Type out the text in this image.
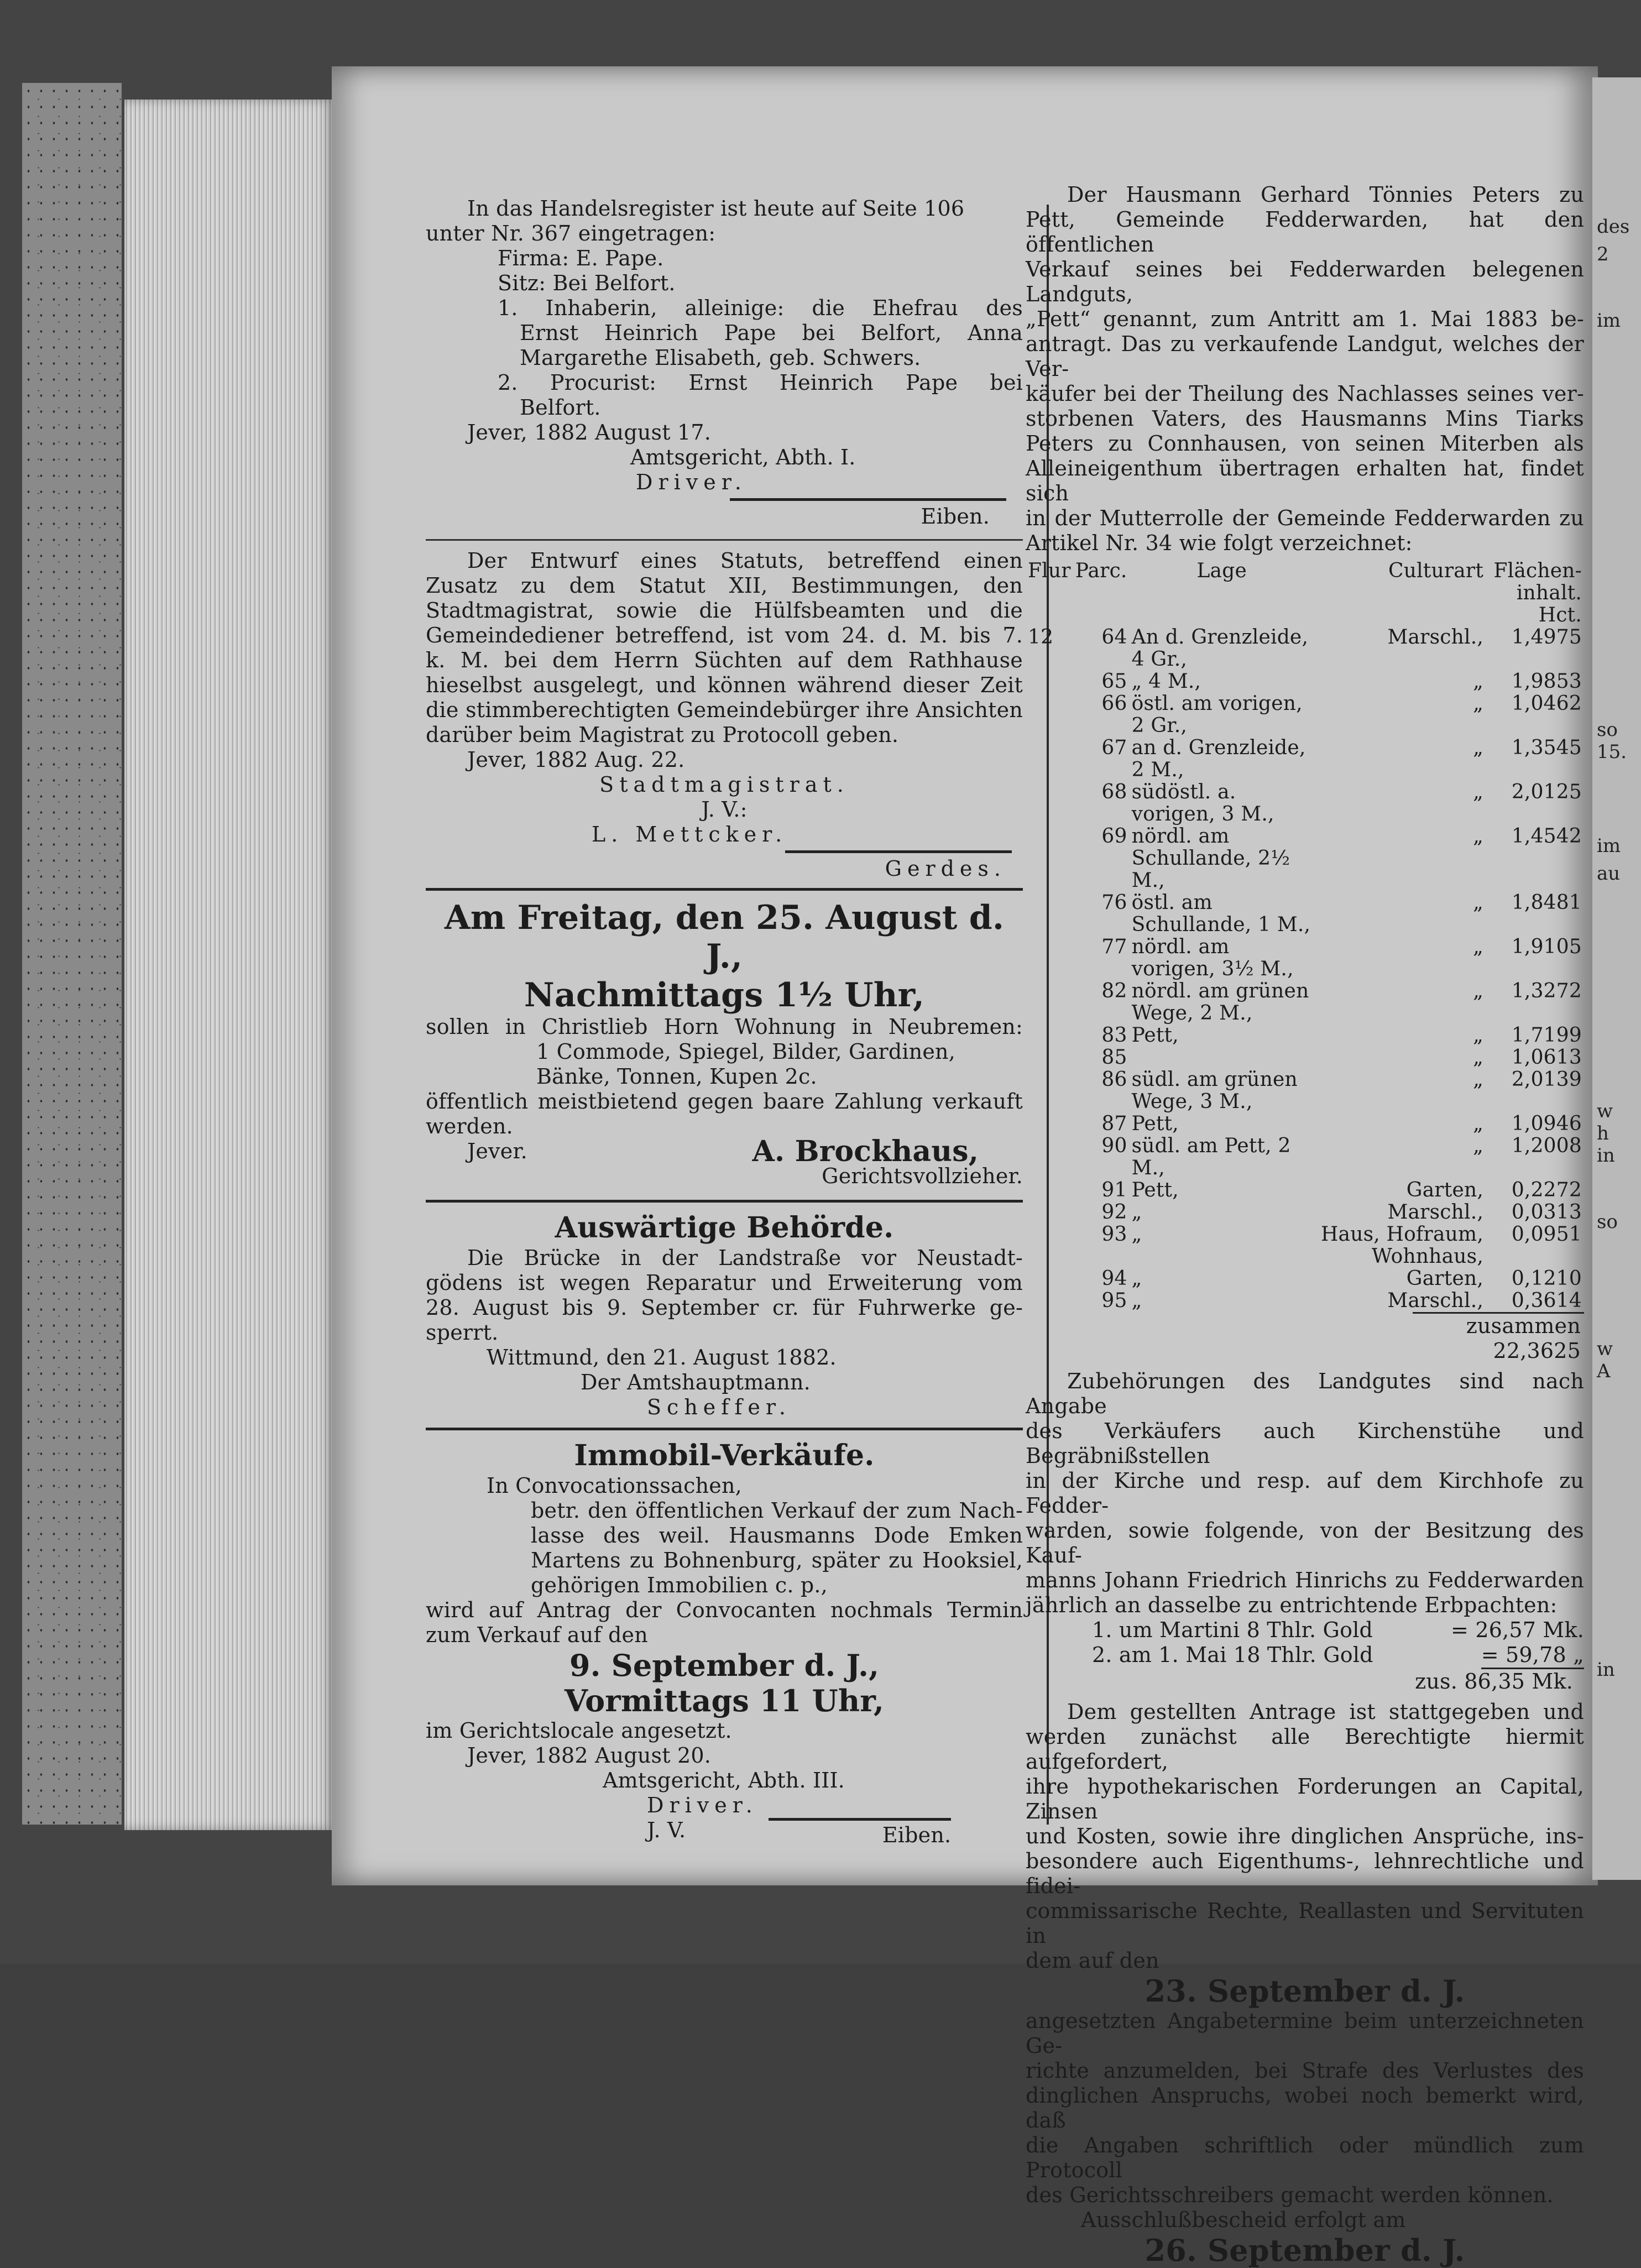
des
2
im
so
15.
im
au
w
h
in
so
w
A
in

In das Handelsregister ist heute auf Seite 106

unter Nr. 367 eingetragen:

Firma: E. Pape.

Sitz: Bei Belfort.

1. Inhaberin, alleinige: die Ehefrau des

Ernst Heinrich Pape bei Belfort, Anna

Margarethe Elisabeth, geb. Schwers.

2. Procurist: Ernst Heinrich Pape bei

Belfort.

Jever, 1882 August 17.

Amtsgericht, Abth. I.

Driver.

Eiben.

Der Entwurf eines Statuts, betreffend einen

Zusatz zu dem Statut XII, Bestimmungen, den

Stadtmagistrat, sowie die Hülfsbeamten und die

Gemeindediener betreffend, ist vom 24. d. M. bis 7.

k. M. bei dem Herrn Süchten auf dem Rathhause

hieselbst ausgelegt, und können während dieser Zeit

die stimmberechtigten Gemeindebürger ihre Ansichten

darüber beim Magistrat zu Protocoll geben.

Jever, 1882 Aug. 22.

Stadtmagistrat.

J. V.:

L. Mettcker.

Gerdes.

Am Freitag, den 25. August d. J.,

Nachmittags 1½ Uhr,

sollen in Christlieb Horn Wohnung in Neubremen:

1 Commode, Spiegel, Bilder, Gardinen,

Bänke, Tonnen, Kupen 2c.

öffentlich meistbietend gegen baare Zahlung verkauft

werden.

Jever.	A. Brockhaus,

Gerichtsvollzieher.

Auswärtige Behörde.

Die Brücke in der Landstraße vor Neustadt-

gödens ist wegen Reparatur und Erweiterung vom

28. August bis 9. September cr. für Fuhrwerke ge-

sperrt.

Wittmund, den 21. August 1882.

Der Amtshauptmann.

Scheffer.

Immobil-Verkäufe.

In Convocationssachen,

betr. den öffentlichen Verkauf der zum Nach-

lasse des weil. Hausmanns Dode Emken

Martens zu Bohnenburg, später zu Hooksiel,

gehörigen Immobilien c. p.,

wird auf Antrag der Convocanten nochmals Termin

zum Verkauf auf den

9. September d. J.,

Vormittags 11 Uhr,

im Gerichtslocale angesetzt.

Jever, 1882 August 20.

Amtsgericht, Abth. III.

Driver.

J. V.	Eiben.

Der Hausmann Gerhard Tönnies Peters zu

Pett, Gemeinde Fedderwarden, hat den öffentlichen

Verkauf seines bei Fedderwarden belegenen Landguts,

„Pett“ genannt, zum Antritt am 1. Mai 1883 be-

antragt. Das zu verkaufende Landgut, welches der Ver-

käufer bei der Theilung des Nachlasses seines ver-

storbenen Vaters, des Hausmanns Mins Tiarks

Peters zu Connhausen, von seinen Miterben als

Alleineigenthum übertragen erhalten hat, findet sich

in der Mutterrolle der Gemeinde Fedderwarden zu

Artikel Nr. 34 wie folgt verzeichnet:

Flur	Parc.	Lage	Culturart	Flächen-inhalt. Hct.
12	64	An d. Grenzleide, 4 Gr.,	Marschl.,	1,4975
	65	„ 4 M.,	„	1,9853
	66	östl. am vorigen, 2 Gr.,	„	1,0462
	67	an d. Grenzleide, 2 M.,	„	1,3545
	68	südöstl. a. vorigen, 3 M.,	„	2,0125
	69	nördl. am Schullande, 2½ M.,	„	1,4542
	76	östl. am Schullande, 1 M.,	„	1,8481
	77	nördl. am vorigen, 3½ M.,	„	1,9105
	82	nördl. am grünen Wege, 2 M.,	„	1,3272
	83	Pett,	„	1,7199
	85		„	1,0613
	86	südl. am grünen Wege, 3 M.,	„	2,0139
	87	Pett,	„	1,0946
	90	südl. am Pett, 2 M.,	„	1,2008
	91	Pett,	Garten,	0,2272
	92	„	Marschl.,	0,0313
	93	„	Haus, Hofraum, Wohnhaus,	0,0951
	94	„	Garten,	0,1210
	95	„	Marschl.,	0,3614

zusammen 22,3625

Zubehörungen des Landgutes sind nach Angabe

des Verkäufers auch Kirchenstühe und Begräbnißstellen

in der Kirche und resp. auf dem Kirchhofe zu Fedder-

warden, sowie folgende, von der Besitzung des Kauf-

manns Johann Friedrich Hinrichs zu Fedderwarden

jährlich an dasselbe zu entrichtende Erbpachten:

1. um Martini 8 Thlr. Gold	= 26,57 Mk.
2. am 1. Mai 18 Thlr. Gold	= 59,78 „

zus. 86,35 Mk.

Dem gestellten Antrage ist stattgegeben und

werden zunächst alle Berechtigte hiermit aufgefordert,

ihre hypothekarischen Forderungen an Capital, Zinsen

und Kosten, sowie ihre dinglichen Ansprüche, ins-

besondere auch Eigenthums-, lehnrechtliche und fidei-

commissarische Rechte, Reallasten und Servituten in

dem auf den

23. September d. J.

angesetzten Angabetermine beim unterzeichneten Ge-

richte anzumelden, bei Strafe des Verlustes des

dinglichen Anspruchs, wobei noch bemerkt wird, daß

die Angaben schriftlich oder mündlich zum Protocoll

des Gerichtsschreibers gemacht werden können.

Ausschlußbescheid erfolgt am

26. September d. J.
